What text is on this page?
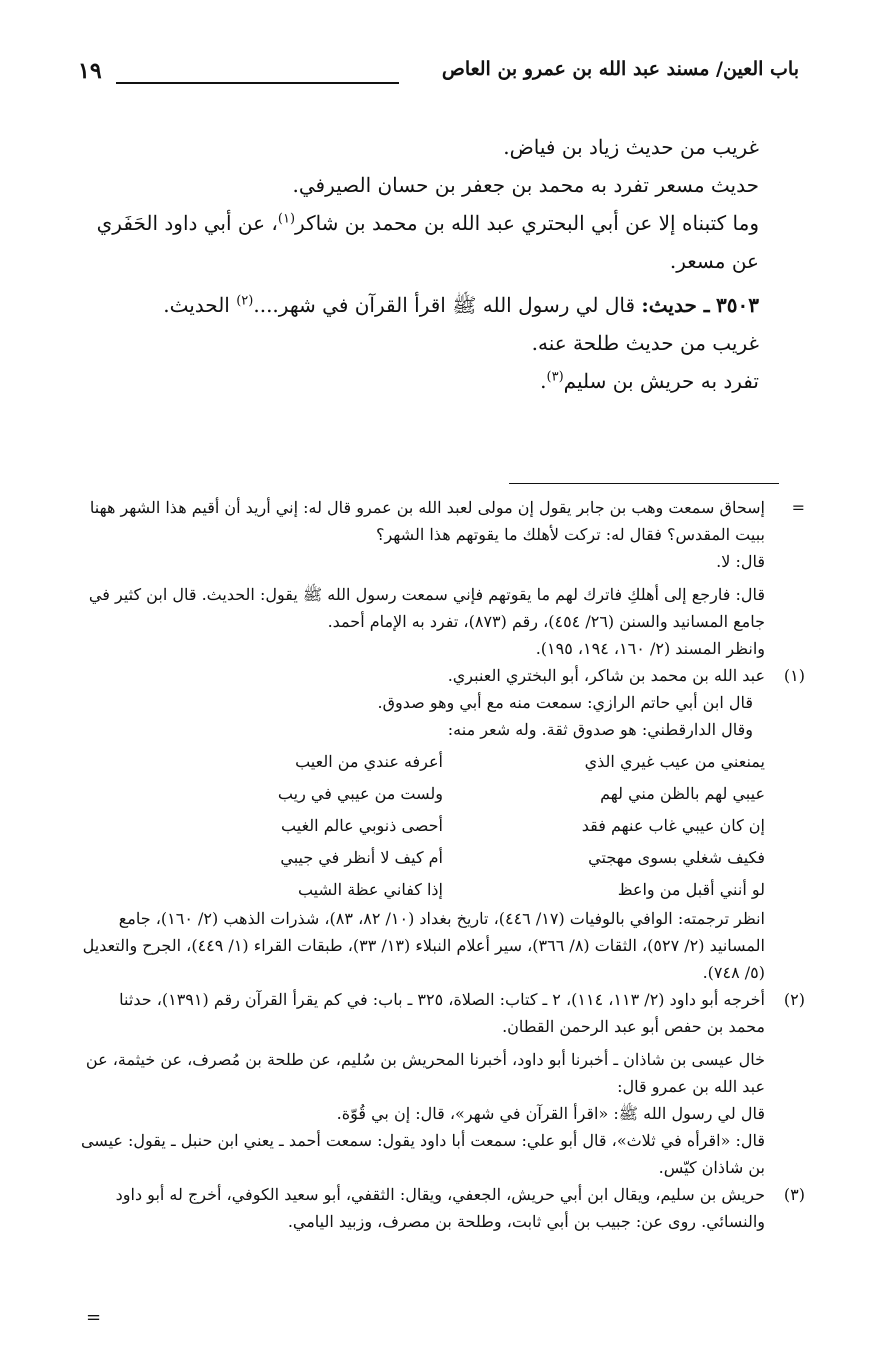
باب العين/ مسند عبد الله بن عمرو بن العاص
١٩

غريب من حديث زياد بن فياض.

حديث مسعر تفرد به محمد بن جعفر بن حسان الصيرفي.

وما كتبناه إلا عن أبي البحتري عبد الله بن محمد بن شاكر$^{(١)}$، عن أبي داود الحَفَري عن مسعر.

٣٥٠٣ ـ حديث: قال لي رسول الله ﷺ اقرأ القرآن في شهر....$^{(٢)}$ الحديث.

غريب من حديث طلحة عنه.

تفرد به حريش بن سليم$^{(٣)}$.

=

إسحاق سمعت وهب بن جابر يقول إن مولى لعبد الله بن عمرو قال له: إني أريد أن أقيم هذا الشهر ههنا ببيت المقدس؟ فقال له: تركت لأهلك ما يقوتهم هذا الشهر؟

قال: لا.

قال: فارجع إلى أهلكِ فاترك لهم ما يقوتهم فإني سمعت رسول الله ﷺ يقول: الحديث. قال ابن كثير في جامع المسانيد والسنن (٢٦/ ٤٥٤)، رقم (٨٧٣)، تفرد به الإمام أحمد.

وانظر المسند (٢/ ١٦٠، ١٩٤، ١٩٥).

(١)

عبد الله بن محمد بن شاكر، أبو البختري العنبري.

قال ابن أبي حاتم الرازي: سمعت منه مع أبي وهو صدوق.

وقال الدارقطني: هو صدوق ثقة. وله شعر منه:

يمنعني من عيب غيري الذي
أعرفه عندي من العيب
عيبي لهم بالظن مني لهم
ولست من عيبي في ريب
إن كان عيبي غاب عنهم فقد
أحصى ذنوبي عالم الغيب
فكيف شغلي بسوى مهجتي
أم كيف لا أنظر في جيبي
لو أنني أقبل من واعظ
إذا كفاني عظة الشيب

انظر ترجمته: الوافي بالوفيات (١٧/ ٤٤٦)، تاريخ بغداد (١٠/ ٨٢، ٨٣)، شذرات الذهب (٢/ ١٦٠)، جامع المسانيد (٢/ ٥٢٧)، الثقات (٨/ ٣٦٦)، سير أعلام النبلاء (١٣/ ٣٣)، طبقات القراء (١/ ٤٤٩)، الجرح والتعديل (٥/ ٧٤٨).

(٢)

أخرجه أبو داود (٢/ ١١٣، ١١٤)، ٢ ـ كتاب: الصلاة، ٣٢٥ ـ باب: في كم يقرأ القرآن رقم (١٣٩١)، حدثنا محمد بن حفص أبو عبد الرحمن القطان.

خال عيسى بن شاذان ـ أخبرنا أبو داود، أخبرنا المحريش بن سُليم، عن طلحة بن مُصرف، عن خيثمة، عن عبد الله بن عمرو قال:

قال لي رسول الله ﷺ: «اقرأ القرآن في شهر»، قال: إن بي قُوّة.

قال: «اقرأه في ثلاث»، قال أبو علي: سمعت أبا داود يقول: سمعت أحمد ـ يعني ابن حنبل ـ يقول: عيسى بن شاذان كيّس.

(٣)

حريش بن سليم، ويقال ابن أبي حريش، الجعفي، ويقال: الثقفي، أبو سعيد الكوفي، أخرج له أبو داود والنسائي. روى عن: جبيب بن أبي ثابت، وطلحة بن مصرف، وزبيد اليامي.

=
